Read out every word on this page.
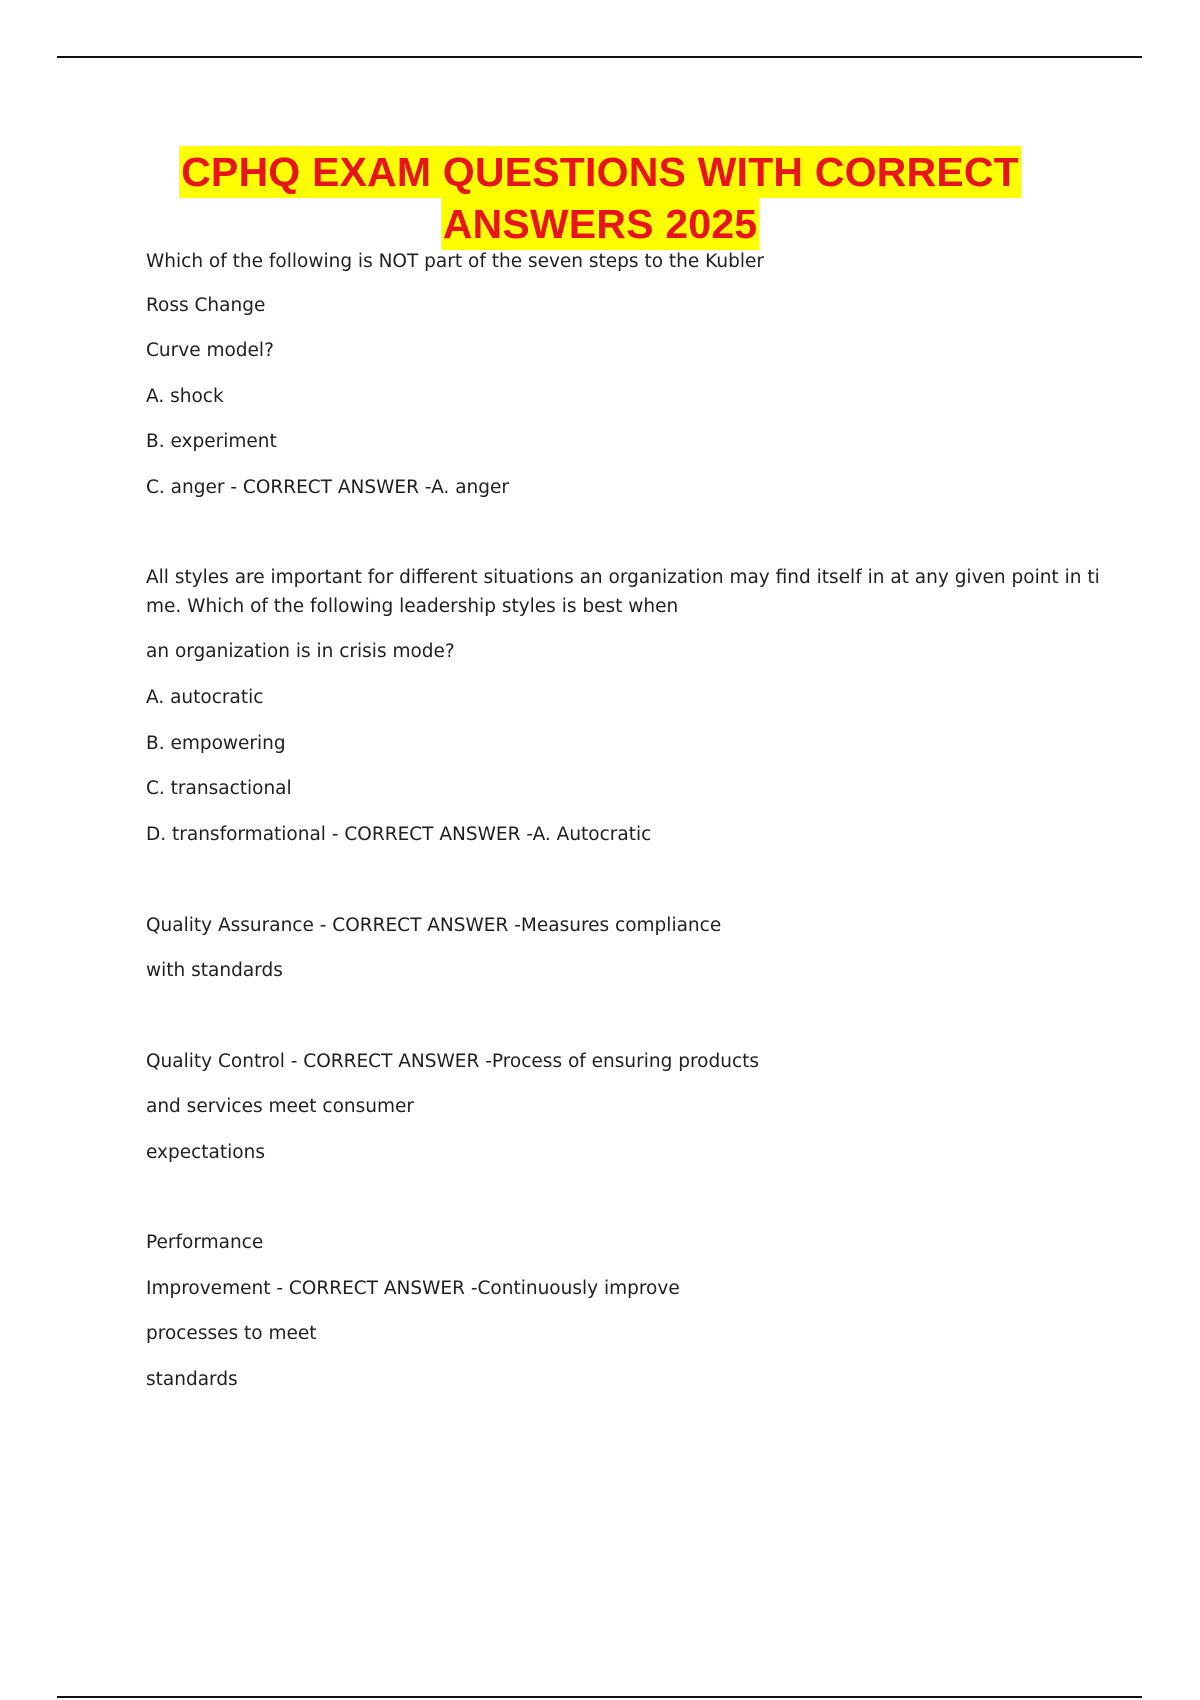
CPHQ EXAM QUESTIONS WITH CORRECT
ANSWERS 2025
Which of the following is NOT part of the seven steps to the Kubler
Ross Change
Curve model?
A. shock
B. experiment
C. anger - CORRECT ANSWER -A. anger
All styles are important for different situations an organization may find itself in at any given point in ti
me. Which of the following leadership styles is best when
an organization is in crisis mode?
A. autocratic
B. empowering
C. transactional
D. transformational - CORRECT ANSWER -A. Autocratic
Quality Assurance - CORRECT ANSWER -Measures compliance
with standards
Quality Control - CORRECT ANSWER -Process of ensuring products
and services meet consumer
expectations
Performance
Improvement - CORRECT ANSWER -Continuously improve
processes to meet
standards
